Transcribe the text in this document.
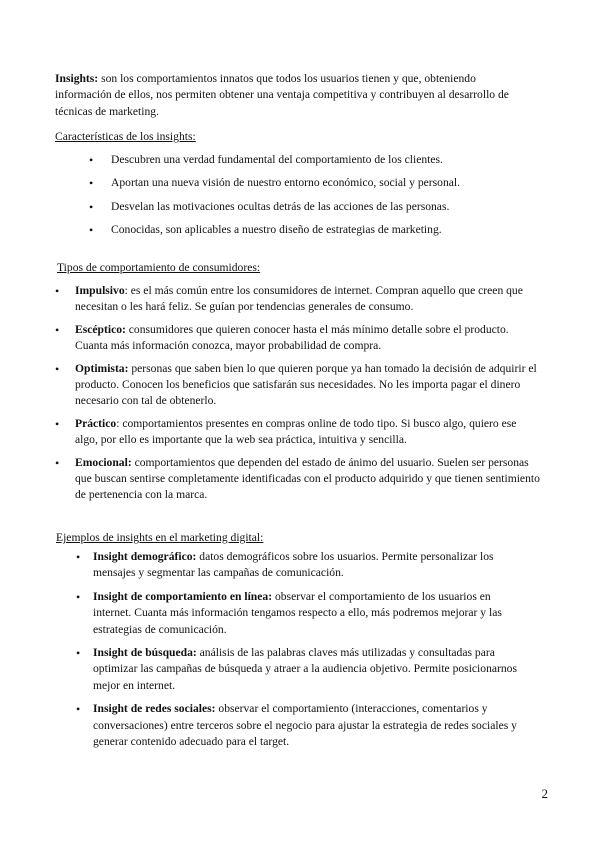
Insights: son los comportamientos innatos que todos los usuarios tienen y que, obteniendo información de ellos, nos permiten obtener una ventaja competitiva y contribuyen al desarrollo de técnicas de marketing.

Características de los insights:

• Descubren una verdad fundamental del comportamiento de los clientes.
• Aportan una nueva visión de nuestro entorno económico, social y personal.
• Desvelan las motivaciones ocultas detrás de las acciones de las personas.
• Conocidas, son aplicables a nuestro diseño de estrategias de marketing.

Tipos de comportamiento de consumidores:

• Impulsivo: es el más común entre los consumidores de internet. Compran aquello que creen que necesitan o les hará feliz. Se guían por tendencias generales de consumo.
• Escéptico: consumidores que quieren conocer hasta el más mínimo detalle sobre el producto. Cuanta más información conozca, mayor probabilidad de compra.
• Optimista: personas que saben bien lo que quieren porque ya han tomado la decisión de adquirir el producto. Conocen los beneficios que satisfarán sus necesidades. No les importa pagar el dinero necesario con tal de obtenerlo.
• Práctico: comportamientos presentes en compras online de todo tipo. Si busco algo, quiero ese algo, por ello es importante que la web sea práctica, intuitiva y sencilla.
• Emocional: comportamientos que dependen del estado de ánimo del usuario. Suelen ser personas que buscan sentirse completamente identificadas con el producto adquirido y que tienen sentimiento de pertenencia con la marca.

Ejemplos de insights en el marketing digital:

• Insight demográfico: datos demográficos sobre los usuarios. Permite personalizar los mensajes y segmentar las campañas de comunicación.
• Insight de comportamiento en línea: observar el comportamiento de los usuarios en internet. Cuanta más información tengamos respecto a ello, más podremos mejorar y las estrategias de comunicación.
• Insight de búsqueda: análisis de las palabras claves más utilizadas y consultadas para optimizar las campañas de búsqueda y atraer a la audiencia objetivo. Permite posicionarnos mejor en internet.
• Insight de redes sociales: observar el comportamiento (interacciones, comentarios y conversaciones) entre terceros sobre el negocio para ajustar la estrategia de redes sociales y generar contenido adecuado para el target.
2
